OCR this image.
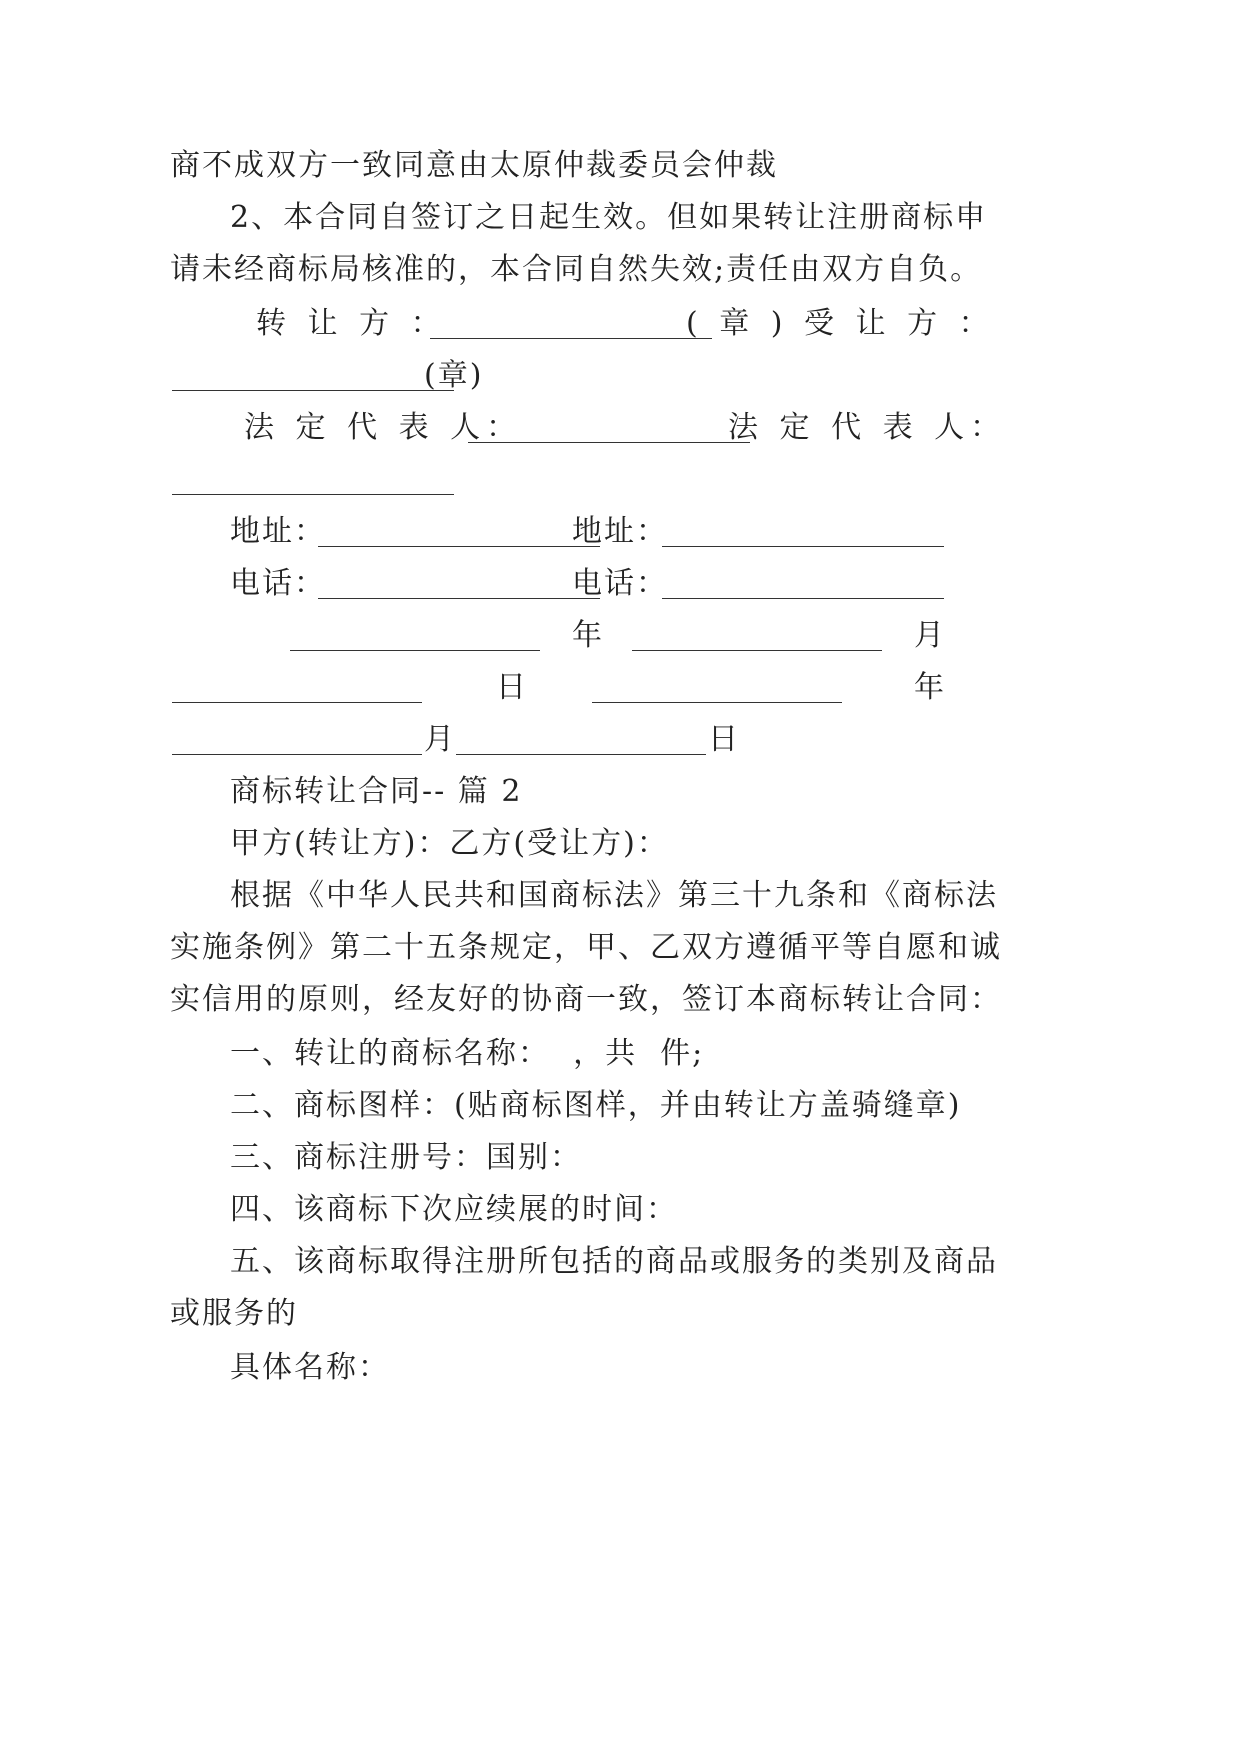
商不成双方一致同意由太原仲裁委员会仲裁
2、本合同自签订之日起生效。但如果转让注册商标申
请未经商标局核准的，本合同自然失效;责任由双方自负。
转 让 方 ：	( 章 ) 受 让 方 ：
(章)
法 定 代 表 人：	法 定 代 表 人：
地址：	地址：
电话：	电话：
年	月
日	年
月	日
商标转让合同-- 篇 2
甲方(转让方)：乙方(受让方)：
根据《中华人民共和国商标法》第三十九条和《商标法
实施条例》第二十五条规定，甲、乙双方遵循平等自愿和诚
实信用的原则，经友好的协商一致，签订本商标转让合同：
一、转让的商标名称：  ，共  件;
二、商标图样：(贴商标图样，并由转让方盖骑缝章)
三、商标注册号：国别：
四、该商标下次应续展的时间：
五、该商标取得注册所包括的商品或服务的类别及商品
或服务的
具体名称：
